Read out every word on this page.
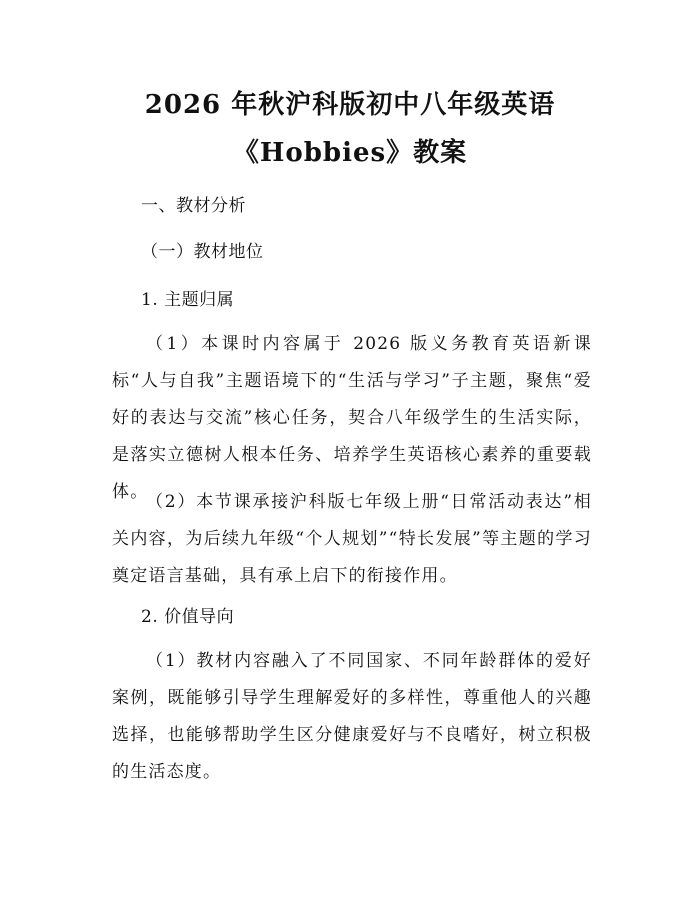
2026 年秋沪科版初中八年级英语
《Hobbies》教案
一、教材分析
（一）教材地位
1. 主题归属
（1）本课时内容属于 2026 版义务教育英语新课标“人与自我”主题语境下的“生活与学习”子主题，聚焦“爱好的表达与交流”核心任务，契合八年级学生的生活实际，是落实立德树人根本任务、培养学生英语核心素养的重要载体。
（2）本节课承接沪科版七年级上册“日常活动表达”相关内容，为后续九年级“个人规划”“特长发展”等主题的学习奠定语言基础，具有承上启下的衔接作用。
2. 价值导向
（1）教材内容融入了不同国家、不同年龄群体的爱好案例，既能够引导学生理解爱好的多样性，尊重他人的兴趣选择，也能够帮助学生区分健康爱好与不良嗜好，树立积极的生活态度。
